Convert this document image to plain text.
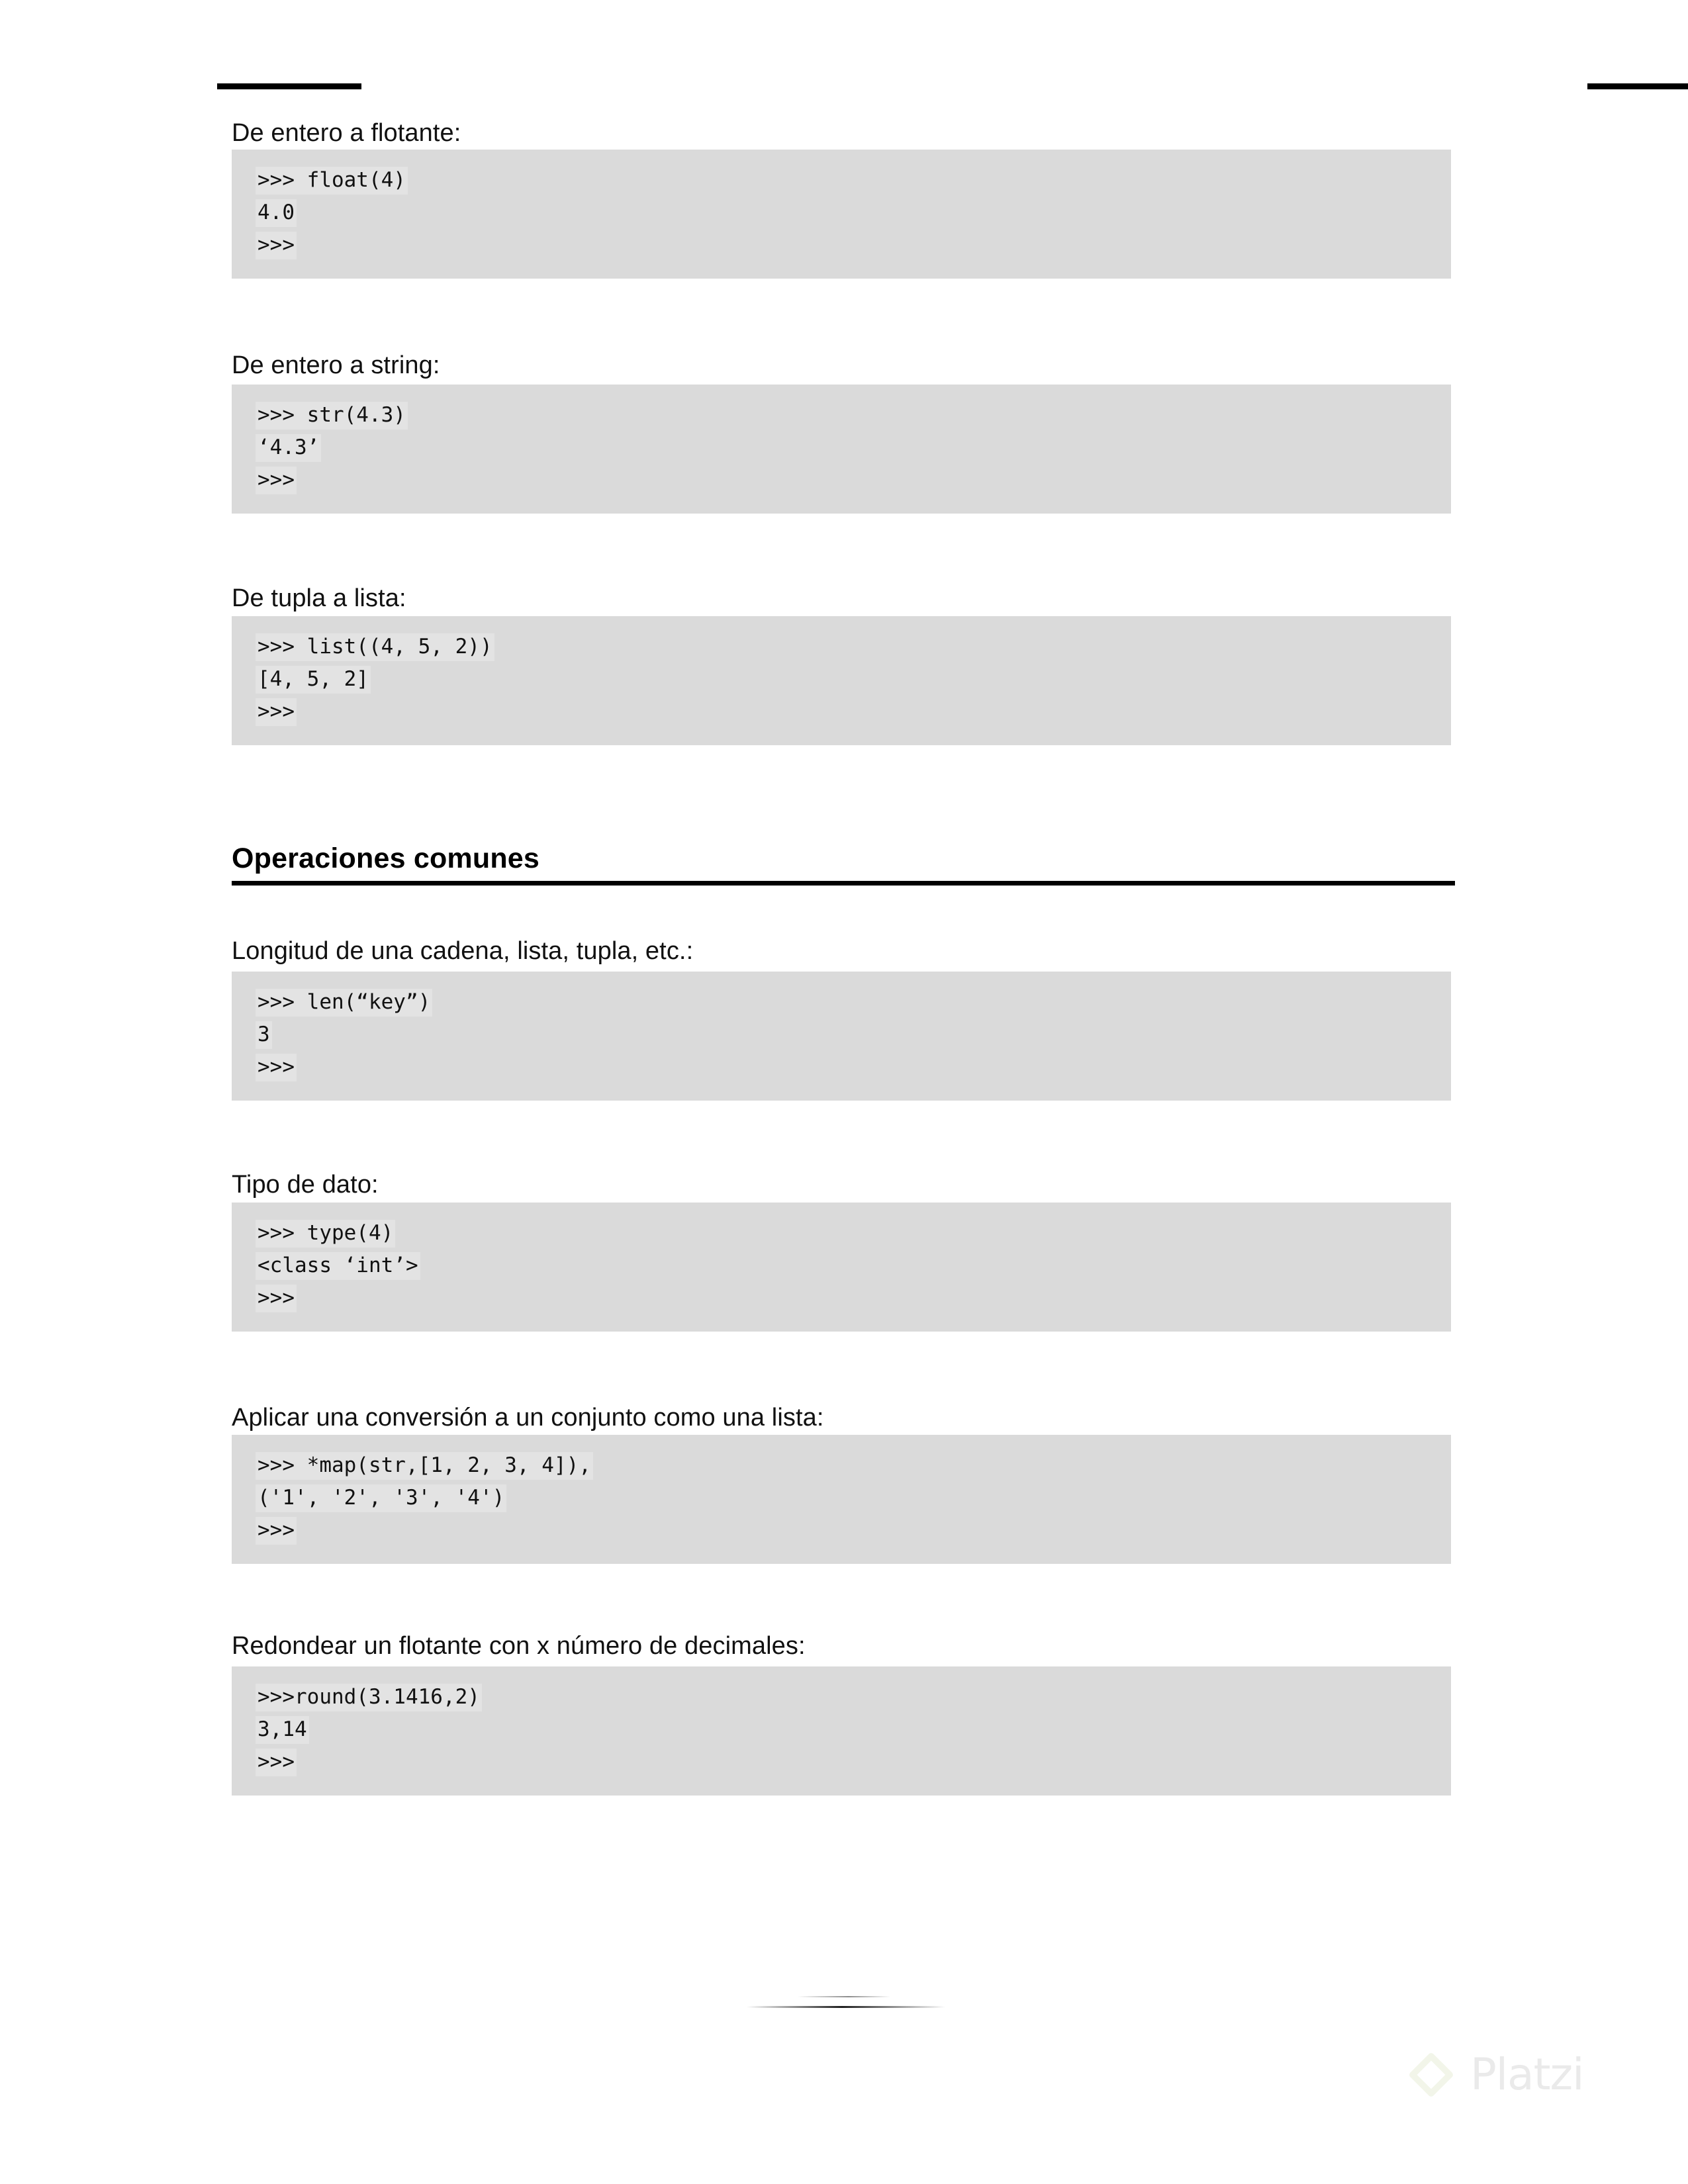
De entero a flotante:
>>> float(4)
4.0
>>>
De entero a string:
>>> str(4.3)
‘4.3’
>>>
De tupla a lista:
>>> list((4, 5, 2))
[4, 5, 2]
>>>
Operaciones comunes
Longitud de una cadena, lista, tupla, etc.:
>>> len(“key”)
3
>>>
Tipo de dato:
>>> type(4)
<class ‘int’>
>>>
Aplicar una conversión a un conjunto como una lista:
>>> *map(str,[1, 2, 3, 4]),
('1', '2', '3', '4')
>>>
Redondear un flotante con x número de decimales:
>>>round(3.1416,2)
3,14
>>>
Platzi
